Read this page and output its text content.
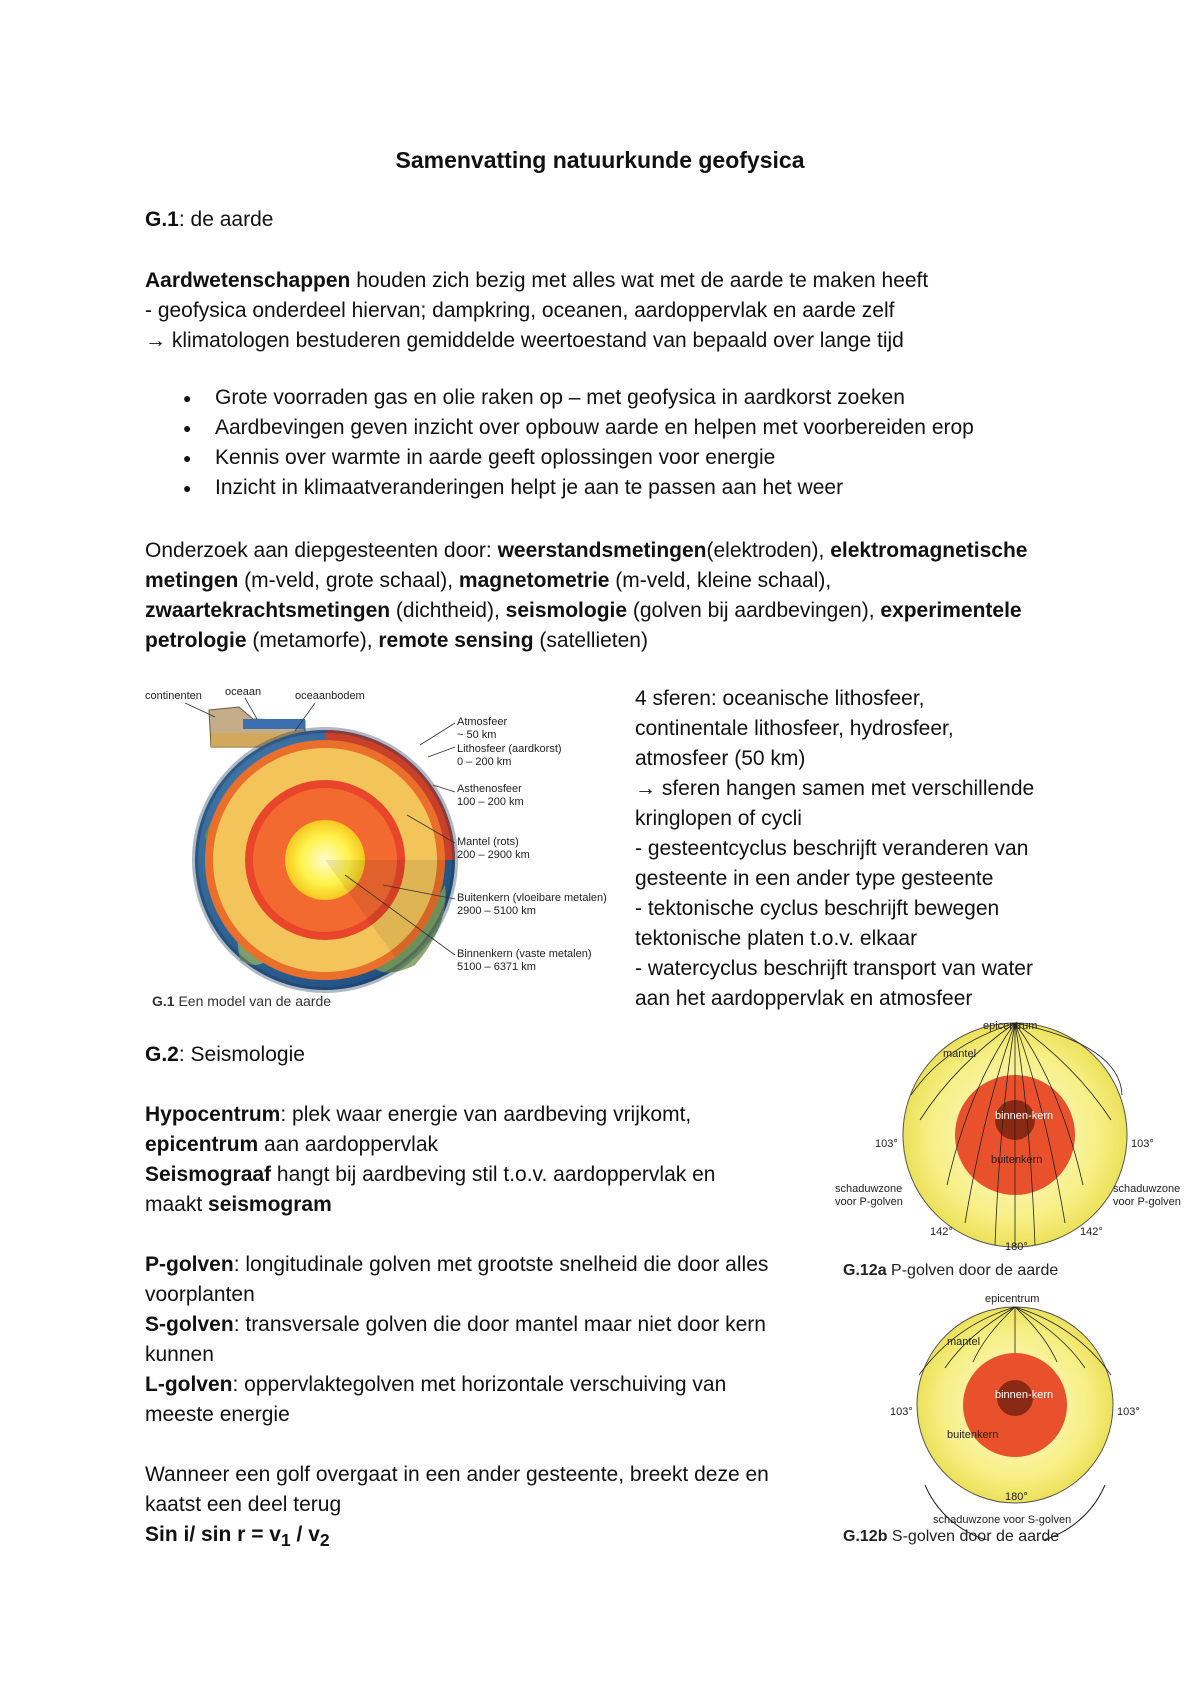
Samenvatting natuurkunde geofysica
G.1: de aarde
Aardwetenschappen houden zich bezig met alles wat met de aarde te maken heeft
- geofysica onderdeel hiervan; dampkring, oceanen, aardoppervlak en aarde zelf
→ klimatologen bestuderen gemiddelde weertoestand van bepaald over lange tijd
● Grote voorraden gas en olie raken op – met geofysica in aardkorst zoeken
● Aardbevingen geven inzicht over opbouw aarde en helpen met voorbereiden erop
● Kennis over warmte in aarde geeft oplossingen voor energie
● Inzicht in klimaatveranderingen helpt je aan te passen aan het weer
Onderzoek aan diepgesteenten door: weerstandsmetingen(elektroden), elektromagnetische
metingen (m-veld, grote schaal), magnetometrie (m-veld, kleine schaal),
zwaartekrachtsmetingen (dichtheid), seismologie (golven bij aardbevingen), experimentele
petrologie (metamorfe), remote sensing (satellieten)
continenten oceaan	oceaanbodem
Atmosfeer
~ 50 km
Lithosfeer (aardkorst)
0 – 200 km
Asthenosfeer
100 – 200 km
Mantel (rots)
200 – 2900 km
Buitenkern (vloeibare metalen)
2900 – 5100 km
Binnenkern (vaste metalen)
5100 – 6371 km
G.1 Een model van de aarde
4 sferen: oceanische lithosfeer,
continentale lithosfeer, hydrosfeer,
atmosfeer (50 km)
→ sferen hangen samen met verschillende
kringlopen of cycli
- gesteentcyclus beschrijft veranderen van
gesteente in een ander type gesteente
- tektonische cyclus beschrijft bewegen
tektonische platen t.o.v. elkaar
- watercyclus beschrijft transport van water
aan het aardoppervlak en atmosfeer
G.2: Seismologie
Hypocentrum: plek waar energie van aardbeving vrijkomt,
epicentrum aan aardoppervlak
Seismograaf hangt bij aardbeving stil t.o.v. aardoppervlak en
maakt seismogram
P-golven: longitudinale golven met grootste snelheid die door alles
voorplanten
S-golven: transversale golven die door mantel maar niet door kern
kunnen
L-golven: oppervlaktegolven met horizontale verschuiving van
meeste energie
Wanneer een golf overgaat in een ander gesteente, breekt deze en
kaatst een deel terug
Sin i/ $\sin r = v_1 / v_2$
epicentrum
mantel
binnen-kern
buitenkern
103°	103°
142°	142°
180°
schaduwzone voor P-golven
schaduwzone voor P-golven
G.12a P-golven door de aarde
epicentrum
mantel
binnen-kern
buitenkern
103°	103°
180°
schaduwzone voor S-golven
G.12b S-golven door de aarde
